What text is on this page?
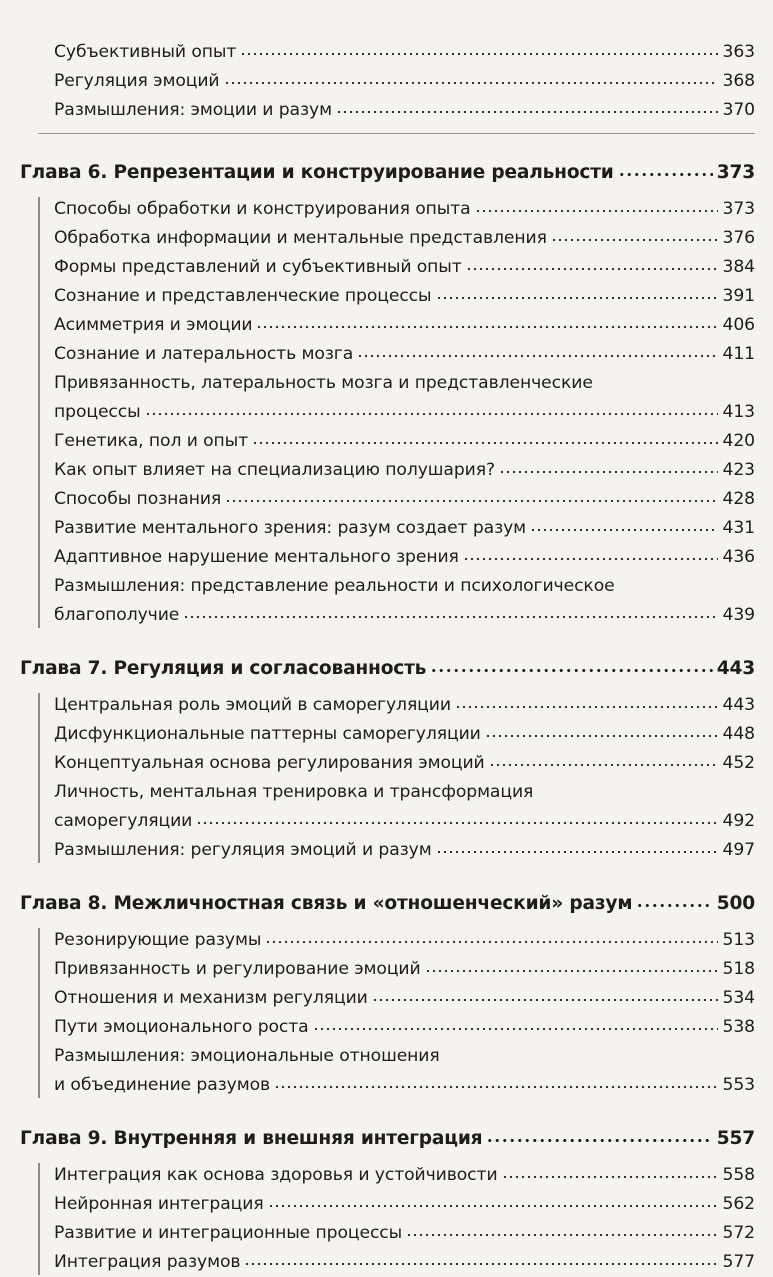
Субъективный опыт	363
Регуляция эмоций	368
Размышления: эмоции и разум	370
Глава 6. Репрезентации и конструирование реальности	373
Способы обработки и конструирования опыта	373
Обработка информации и ментальные представления	376
Формы представлений и субъективный опыт	384
Сознание и представленческие процессы	391
Асимметрия и эмоции	406
Сознание и латеральность мозга	411
Привязанность, латеральность мозга и представленческие
процессы	413
Генетика, пол и опыт	420
Как опыт влияет на специализацию полушария?	423
Способы познания	428
Развитие ментального зрения: разум создает разум	431
Адаптивное нарушение ментального зрения	436
Размышления: представление реальности и психологическое
благополучие	439
Глава 7. Регуляция и согласованность	443
Центральная роль эмоций в саморегуляции	443
Дисфункциональные паттерны саморегуляции	448
Концептуальная основа регулирования эмоций	452
Личность, ментальная тренировка и трансформация
саморегуляции	492
Размышления: регуляция эмоций и разум	497
Глава 8. Межличностная связь и «отношенческий» разум	500
Резонирующие разумы	513
Привязанность и регулирование эмоций	518
Отношения и механизм регуляции	534
Пути эмоционального роста	538
Размышления: эмоциональные отношения
и объединение разумов	553
Глава 9. Внутренняя и внешняя интеграция	557
Интеграция как основа здоровья и устойчивости	558
Нейронная интеграция	562
Развитие и интеграционные процессы	572
Интеграция разумов	577
